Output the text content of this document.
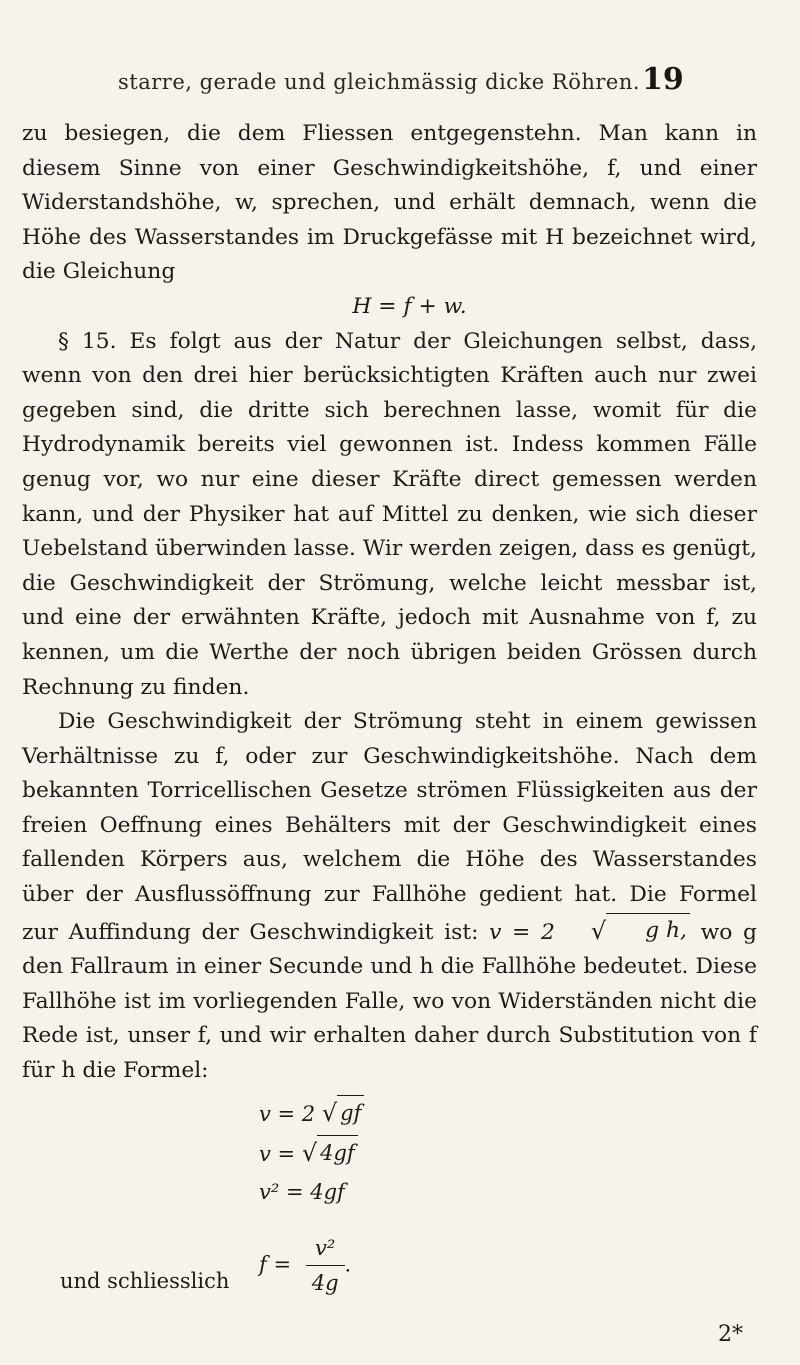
starre, gerade und gleichmässig dicke Röhren. 19

zu besiegen, die dem Fliessen entgegenstehn. Man kann in diesem Sinne von einer Geschwindigkeitshöhe, f, und einer Widerstandshöhe, w, sprechen, und erhält demnach, wenn die Höhe des Wasserstandes im Druckgefässe mit H bezeichnet wird, die Gleichung

H = f + w.

§ 15. Es folgt aus der Natur der Gleichungen selbst, dass, wenn von den drei hier berücksichtigten Kräften auch nur zwei gegeben sind, die dritte sich berechnen lasse, womit für die Hydrodynamik bereits viel gewonnen ist. Indess kommen Fälle genug vor, wo nur eine dieser Kräfte direct gemessen werden kann, und der Physiker hat auf Mittel zu denken, wie sich dieser Uebelstand überwinden lasse. Wir werden zeigen, dass es genügt, die Geschwindigkeit der Strömung, welche leicht messbar ist, und eine der erwähnten Kräfte, jedoch mit Ausnahme von f, zu kennen, um die Werthe der noch übrigen beiden Grössen durch Rechnung zu finden.

Die Geschwindigkeit der Strömung steht in einem gewissen Verhältnisse zu f, oder zur Geschwindigkeitshöhe. Nach dem bekannten Torricellischen Gesetze strömen Flüssigkeiten aus der freien Oeffnung eines Behälters mit der Geschwindigkeit eines fallenden Körpers aus, welchem die Höhe des Wasserstandes über der Ausflussöffnung zur Fallhöhe gedient hat. Die Formel zur Auffindung der Geschwindigkeit ist: v = 2	√	g h, wo g den Fallraum in einer Secunde und h die Fallhöhe bedeutet. Diese Fallhöhe ist im vorliegenden Falle, wo von Widerständen nicht die Rede ist, unser f, und wir erhalten daher durch Substitution von f für h die Formel:

v = 2 √ gf
v = √ 4gf
v² = 4gf
und schliesslich
$f = \frac{\text{v²}}{4g}$ .
2*
